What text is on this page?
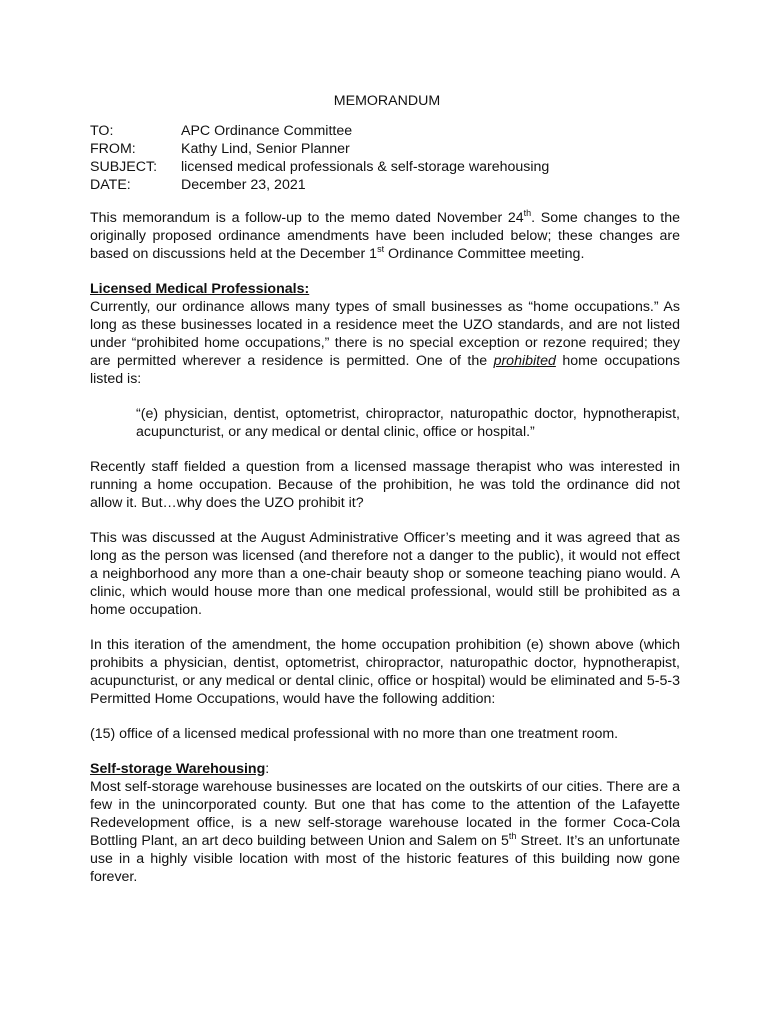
MEMORANDUM
TO:	APC Ordinance Committee
FROM:	Kathy Lind, Senior Planner
SUBJECT:	licensed medical professionals & self-storage warehousing
DATE:	December 23, 2021

This memorandum is a follow-up to the memo dated November 24th. Some changes to the originally proposed ordinance amendments have been included below; these changes are based on discussions held at the December 1st Ordinance Committee meeting.

Licensed Medical Professionals:

Currently, our ordinance allows many types of small businesses as “home occupations.” As long as these businesses located in a residence meet the UZO standards, and are not listed under “prohibited home occupations,” there is no special exception or rezone required; they are permitted wherever a residence is permitted. One of the prohibited home occupations listed is:

“(e) physician, dentist, optometrist, chiropractor, naturopathic doctor, hypnotherapist, acupuncturist, or any medical or dental clinic, office or hospital.”

Recently staff fielded a question from a licensed massage therapist who was interested in running a home occupation. Because of the prohibition, he was told the ordinance did not allow it. But…why does the UZO prohibit it?

This was discussed at the August Administrative Officer’s meeting and it was agreed that as long as the person was licensed (and therefore not a danger to the public), it would not effect a neighborhood any more than a one-chair beauty shop or someone teaching piano would. A clinic, which would house more than one medical professional, would still be prohibited as a home occupation.

In this iteration of the amendment, the home occupation prohibition (e) shown above (which prohibits a physician, dentist, optometrist, chiropractor, naturopathic doctor, hypnotherapist, acupuncturist, or any medical or dental clinic, office or hospital) would be eliminated and 5-5-3 Permitted Home Occupations, would have the following addition:

(15) office of a licensed medical professional with no more than one treatment room.

Self-storage Warehousing:

Most self-storage warehouse businesses are located on the outskirts of our cities. There are a few in the unincorporated county. But one that has come to the attention of the Lafayette Redevelopment office, is a new self-storage warehouse located in the former Coca-Cola Bottling Plant, an art deco building between Union and Salem on 5th Street. It’s an unfortunate use in a highly visible location with most of the historic features of this building now gone forever.
